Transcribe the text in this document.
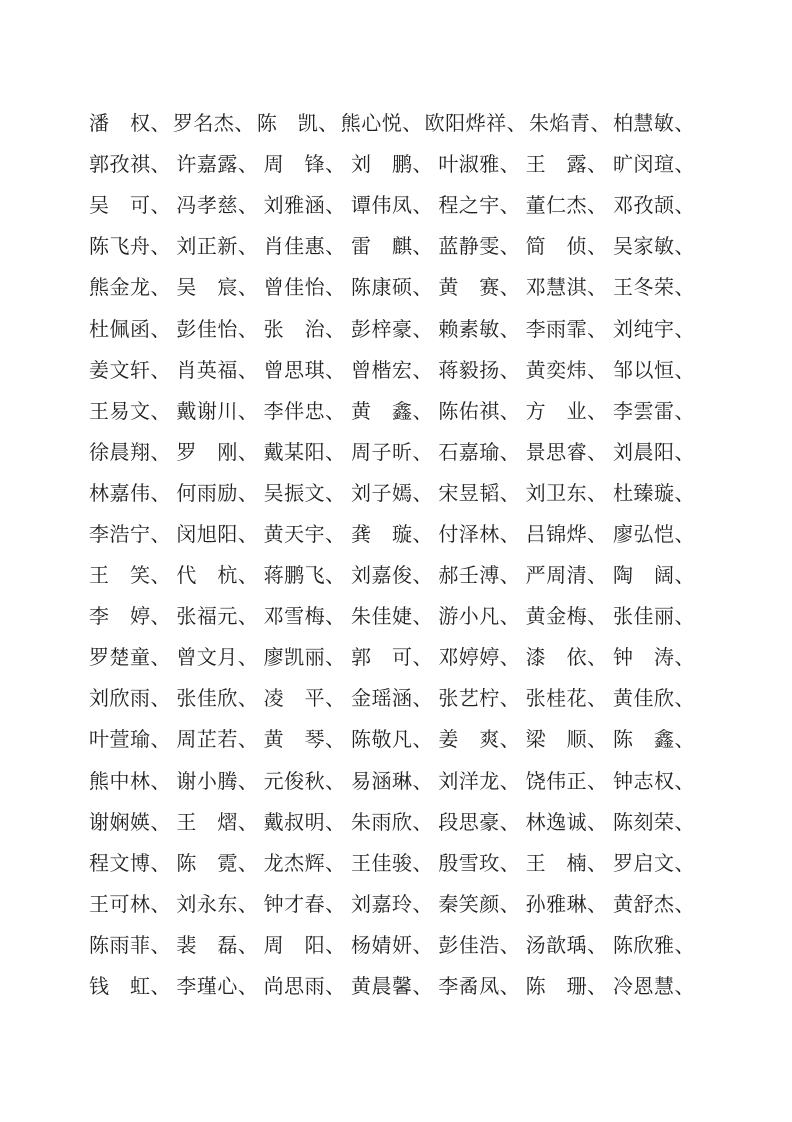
潘　权、 罗名杰、 陈　凯、 熊心悦、 欧阳烨祥、 朱焰青、 柏慧敏、
郭孜祺、 许嘉露、 周　锋、 刘　鹏、 叶淑雅、 王　露、 旷闵瑄、
吴　可、 冯孝慈、 刘雅涵、 谭伟凤、 程之宇、 董仁杰、 邓孜颉、
陈飞舟、 刘正新、 肖佳惠、 雷　麒、 蓝静雯、 简　侦、 吴家敏、
熊金龙、 吴　宸、 曾佳怡、 陈康硕、 黄　赛、 邓慧淇、 王冬荣、
杜佩函、 彭佳怡、 张　治、 彭梓豪、 赖素敏、 李雨霏、 刘纯宇、
姜文轩、 肖英福、 曾思琪、 曾楷宏、 蒋毅扬、 黄奕炜、 邹以恒、
王易文、 戴谢川、 李伴忠、 黄　鑫、 陈佑祺、 方　业、 李雲雷、
徐晨翔、 罗　刚、 戴某阳、 周子昕、 石嘉瑜、 景思睿、 刘晨阳、
林嘉伟、 何雨励、 吴振文、 刘子嫣、 宋昱韬、 刘卫东、 杜臻璇、
李浩宁、 闵旭阳、 黄天宇、 龚　璇、 付泽林、 吕锦烨、 廖弘恺、
王　笑、 代　杭、 蒋鹏飞、 刘嘉俊、 郝壬溥、 严周清、 陶　阔、
李　婷、 张福元、 邓雪梅、 朱佳婕、 游小凡、 黄金梅、 张佳丽、
罗楚童、 曾文月、 廖凯丽、 郭　可、 邓婷婷、 漆　依、 钟　涛、
刘欣雨、 张佳欣、 凌　平、 金瑶涵、 张艺柠、 张桂花、 黄佳欣、
叶萱瑜、 周芷若、 黄　琴、 陈敬凡、 姜　爽、 梁　顺、 陈　鑫、
熊中林、 谢小腾、 元俊秋、 易涵琳、 刘洋龙、 饶伟正、 钟志权、
谢娴媖、 王　熠、 戴叔明、 朱雨欣、 段思豪、 林逸诚、 陈刻荣、
程文博、 陈　霓、 龙杰辉、 王佳骏、 殷雪玫、 王　楠、 罗启文、
王可林、 刘永东、 钟才春、 刘嘉玲、 秦笑颜、 孙雅琳、 黄舒杰、
陈雨菲、 裴　磊、 周　阳、 杨婧妍、 彭佳浩、 汤歆瑀、 陈欣雅、
钱　虹、 李瑾心、 尚思雨、 黄晨馨、 李矞凤、 陈　珊、 冷恩慧、
